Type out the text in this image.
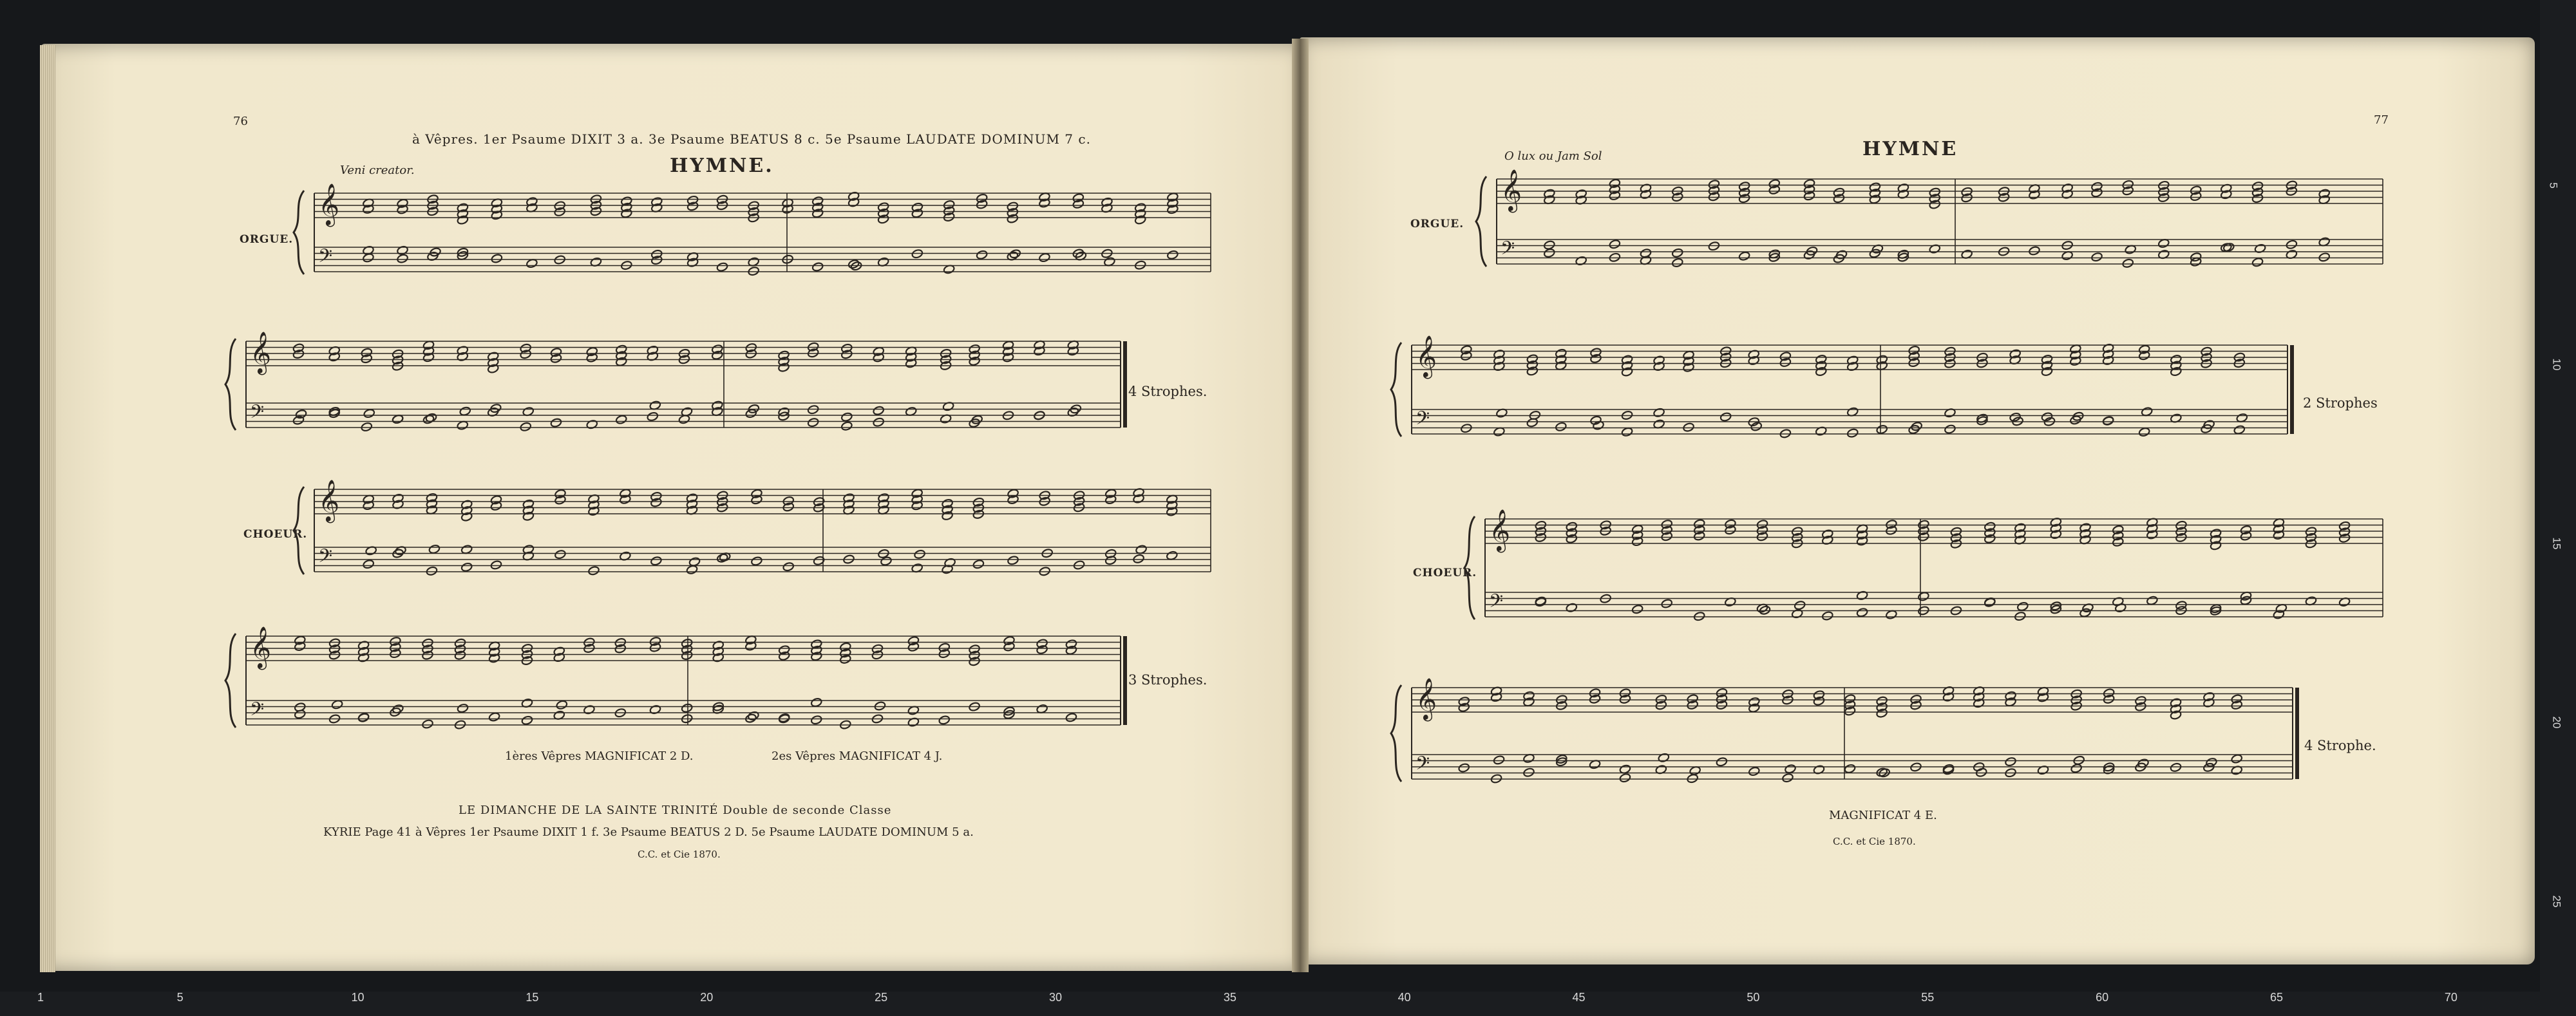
76
à Vêpres. 1er Psaume DIXIT 3 a. 3e Psaume BEATUS 8 c. 5e Psaume LAUDATE DOMINUM 7 c.
Veni creator.	HYMNE.
ORGUE.
CHOEUR.
4 Strophes.
3 Strophes.
1ères Vêpres MAGNIFICAT 2 D.	2es Vêpres MAGNIFICAT 4 J.
LE DIMANCHE DE LA SAINTE TRINITÉ Double de seconde Classe
KYRIE Page 41 à Vêpres 1er Psaume DIXIT 1 f. 3e Psaume BEATUS 2 D. 5e Psaume LAUDATE DOMINUM 5 a.
C.C. et Cie 1870.
77
O lux ou Jam Sol	HYMNE
ORGUE.
CHOEUR.
2 Strophes
4 Strophe.
MAGNIFICAT 4 E.
C.C. et Cie 1870.
𝄞
𝄢
𝄞
𝄢
𝄞
𝄢
𝄞
𝄢
𝄞
𝄢
𝄞
𝄢
𝄞
𝄢
𝄞
𝄢
1	5	10	15	20	25	30	35	40	45	50	55	60	65	70
5
10
15
20
25
